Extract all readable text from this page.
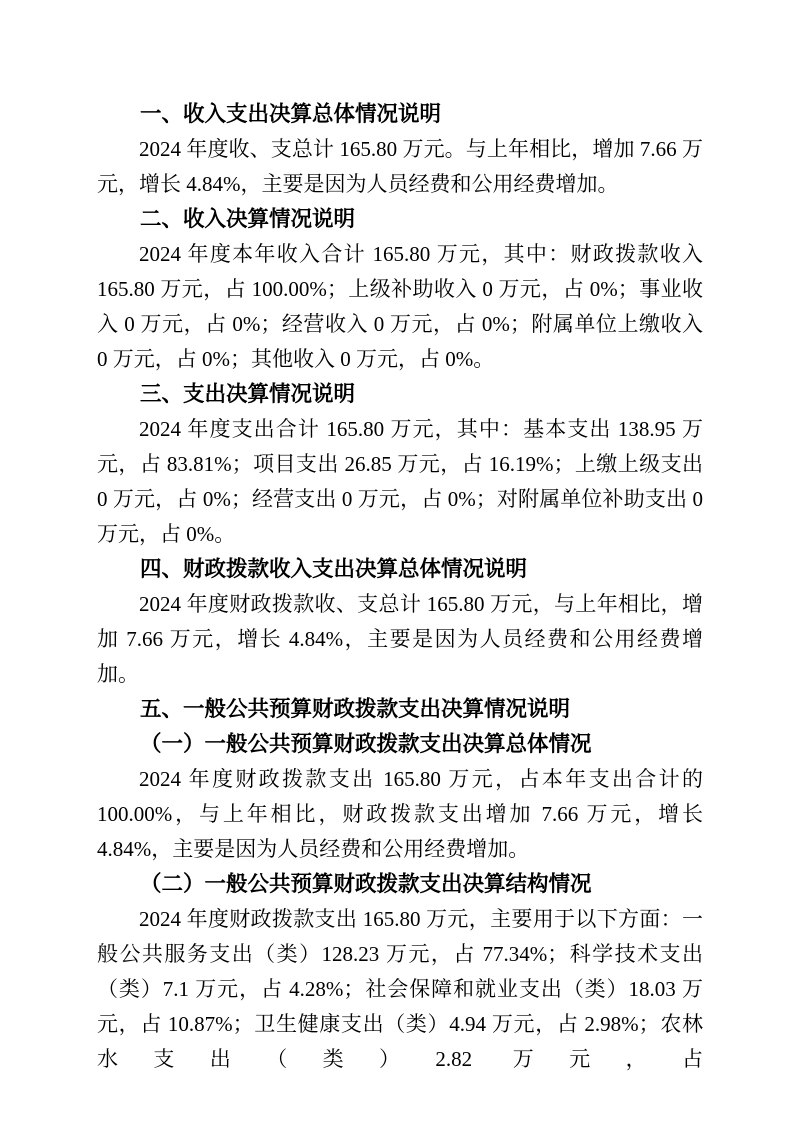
一、收入支出决算总体情况说明

2024 年度收、支总计 165.80 万元。与上年相比，增加 7.66 万元，增长 4.84%，主要是因为人员经费和公用经费增加。

二、收入决算情况说明

2024 年度本年收入合计 165.80 万元，其中：财政拨款收入 165.80 万元，占 100.00%；上级补助收入 0 万元，占 0%；事业收入 0 万元，占 0%；经营收入 0 万元，占 0%；附属单位上缴收入 0 万元，占 0%；其他收入 0 万元，占 0%。

三、支出决算情况说明

2024 年度支出合计 165.80 万元，其中：基本支出 138.95 万元，占 83.81%；项目支出 26.85 万元，占 16.19%；上缴上级支出 0 万元，占 0%；经营支出 0 万元，占 0%；对附属单位补助支出 0 万元，占 0%。

四、财政拨款收入支出决算总体情况说明

2024 年度财政拨款收、支总计 165.80 万元，与上年相比，增加 7.66 万元，增长 4.84%，主要是因为人员经费和公用经费增加。

五、一般公共预算财政拨款支出决算情况说明
（一）一般公共预算财政拨款支出决算总体情况

2024 年度财政拨款支出 165.80 万元，占本年支出合计的 100.00%，与上年相比，财政拨款支出增加 7.66 万元，增长 4.84%，主要是因为人员经费和公用经费增加。

（二）一般公共预算财政拨款支出决算结构情况

2024 年度财政拨款支出 165.80 万元，主要用于以下方面：一般公共服务支出（类）128.23 万元，占 77.34%；科学技术支出（类）7.1 万元，占 4.28%；社会保障和就业支出（类）18.03 万元，占 10.87%；卫生健康支出（类）4.94 万元，占 2.98%；农林水支出（类）2.82 万元，占
